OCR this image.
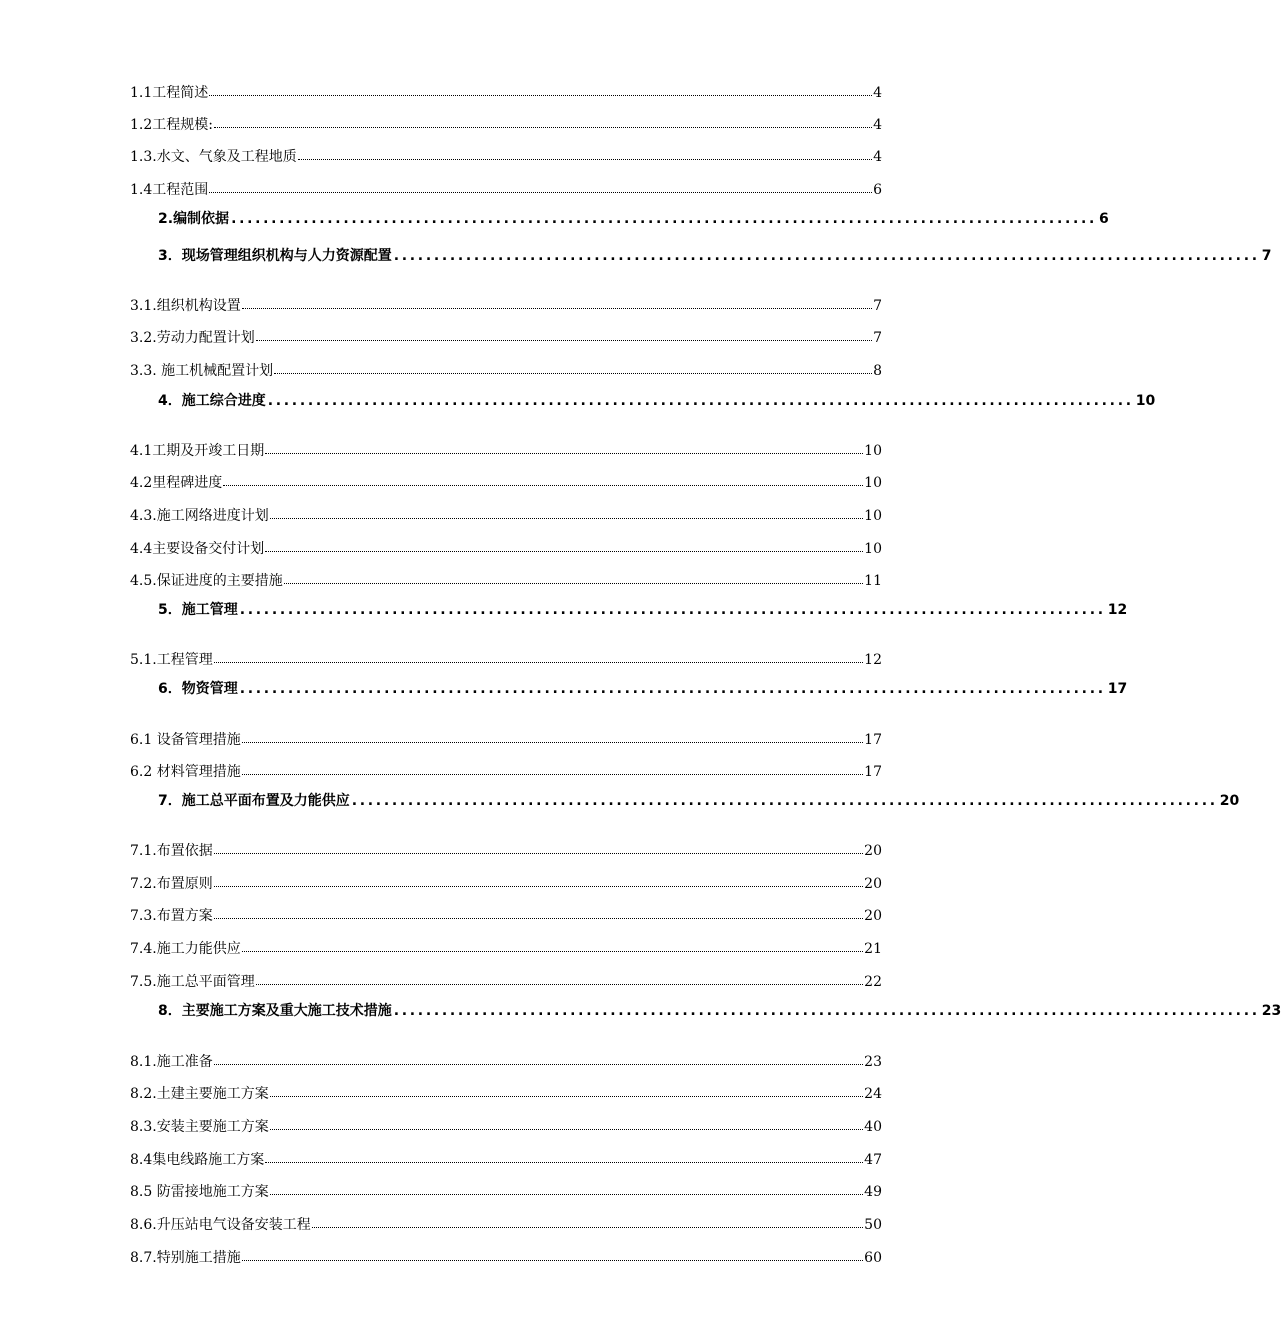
1.1 工程简述	4
1.2 工程规模:	4
1.3. 水文、气象及工程地质	4
1.4 工程范围	6
2. 编制依据 ............................................................................................................ 6
3． 现场管理组织机构与人力资源配置 ............................................................................................................ 7
3.1. 组织机构设置	7
3.2. 劳动力配置计划	7
3.3. 施工机械配置计划	8
4． 施工综合进度 ............................................................................................................ 10
4.1 工期及开竣工日期	10
4.2 里程碑进度	10
4.3. 施工网络进度计划	10
4.4 主要设备交付计划	10
4.5. 保证进度的主要措施	11
5． 施工管理 ............................................................................................................ 12
5.1. 工程管理	12
6． 物资管理 ............................................................................................................ 17
6.1 设备管理措施	17
6.2 材料管理措施	17
7． 施工总平面布置及力能供应 ............................................................................................................ 20
7.1. 布置依据	20
7.2. 布置原则	20
7.3. 布置方案	20
7.4. 施工力能供应	21
7.5. 施工总平面管理	22
8． 主要施工方案及重大施工技术措施 ............................................................................................................ 23
8.1. 施工准备	23
8.2. 土建主要施工方案	24
8.3. 安装主要施工方案	40
8.4 集电线路施工方案	47
8.5 防雷接地施工方案	49
8.6. 升压站电气设备安装工程	50
8.7. 特别施工措施	60
